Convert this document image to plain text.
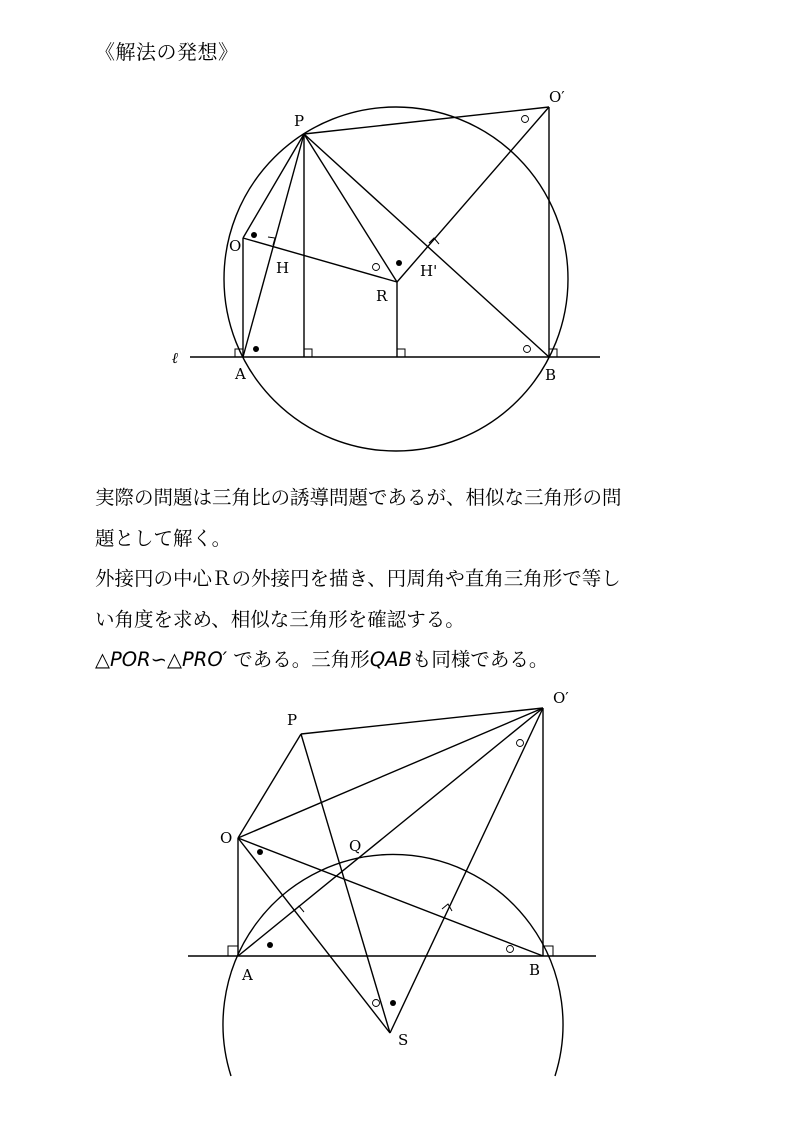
《解法の発想》
P
O′
O
H	H'
R
A	B
ℓ

実際の問題は三角比の誘導問題であるが、相似な三角形の問

題として解く。

外接円の中心Ｒの外接円を描き、円周角や直角三角形で等し

い角度を求め、相似な三角形を確認する。

△POR∽△PRO′ である。三角形QABも同様である。

P
O′
O	Q
A	B
S
